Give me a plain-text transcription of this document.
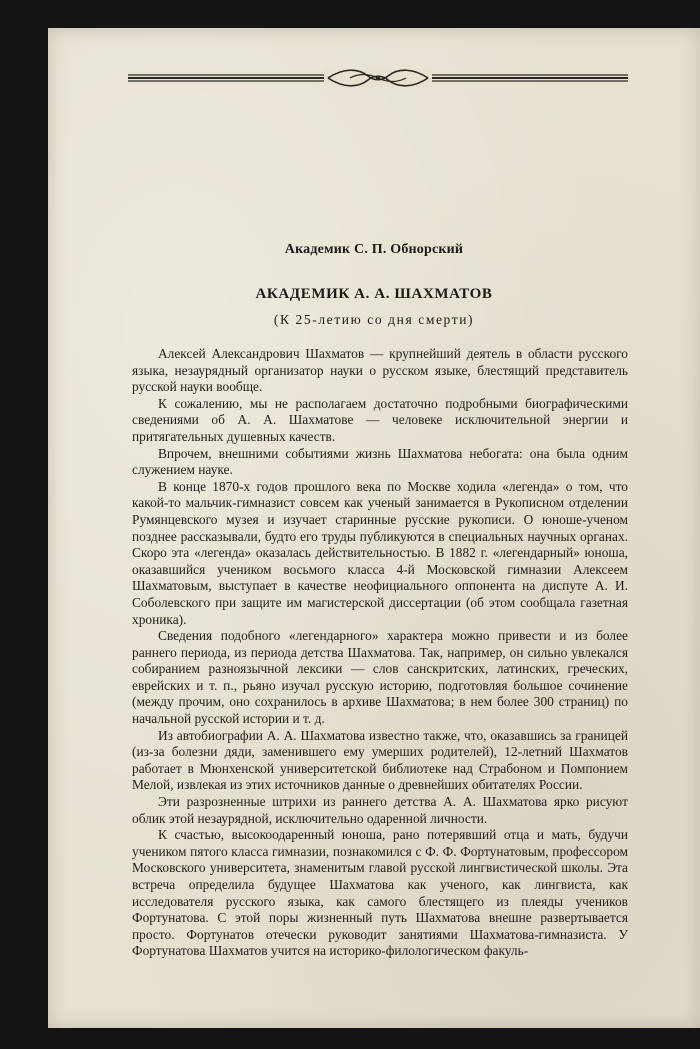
Академик С. П. Обнорский
АКАДЕМИК А. А. ШАХМАТОВ
(К 25-летию со дня смерти)

Алексей Александрович Шахматов — крупнейший деятель в области русского языка, незаурядный организатор науки о русском языке, блестящий представитель русской науки вообще.

К сожалению, мы не располагаем достаточно подробными биографическими сведениями об А. А. Шахматове — человеке исключительной энергии и притягательных душевных качеств.

Впрочем, внешними событиями жизнь Шахматова небогата: она была одним служением науке.

В конце 1870-х годов прошлого века по Москве ходила «легенда» о том, что какой-то мальчик-гимназист совсем как ученый занимается в Рукописном отделении Румянцевского музея и изучает старинные русские рукописи. О юноше-ученом позднее рассказывали, будто его труды публикуются в специальных научных органах. Скоро эта «легенда» оказалась действительностью. В 1882 г. «легендарный» юноша, оказавшийся учеником восьмого класса 4-й Московской гимназии Алексеем Шахматовым, выступает в качестве неофициального оппонента на диспуте А. И. Соболевского при защите им магистерской диссертации (об этом сообщала газетная хроника).

Сведения подобного «легендарного» характера можно привести и из более раннего периода, из периода детства Шахматова. Так, например, он сильно увлекался собиранием разноязычной лексики — слов санскритских, латинских, греческих, еврейских и т. п., рьяно изучал русскую историю, подготовляя большое сочинение (между прочим, оно сохранилось в архиве Шахматова; в нем более 300 страниц) по начальной русской истории и т. д.

Из автобиографии А. А. Шахматова известно также, что, оказавшись за границей (из-за болезни дяди, заменившего ему умерших родителей), 12-летний Шахматов работает в Мюнхенской университетской библиотеке над Страбоном и Помпонием Мелой, извлекая из этих источников данные о древнейших обитателях России.

Эти разрозненные штрихи из раннего детства А. А. Шахматова ярко рисуют облик этой незаурядной, исключительно одаренной личности.

К счастью, высокоодаренный юноша, рано потерявший отца и мать, будучи учеником пятого класса гимназии, познакомился с Ф. Ф. Фортунатовым, профессором Московского университета, знаменитым главой русской лингвистической школы. Эта встреча определила будущее Шахматова как ученого, как лингвиста, как исследователя русского языка, как самого блестящего из плеяды учеников Фортунатова. С этой поры жизненный путь Шахматова внешне развертывается просто. Фортунатов отечески руководит занятиями Шахматова-гимназиста. У Фортунатова Шахматов учится на историко-филологическом факуль-
